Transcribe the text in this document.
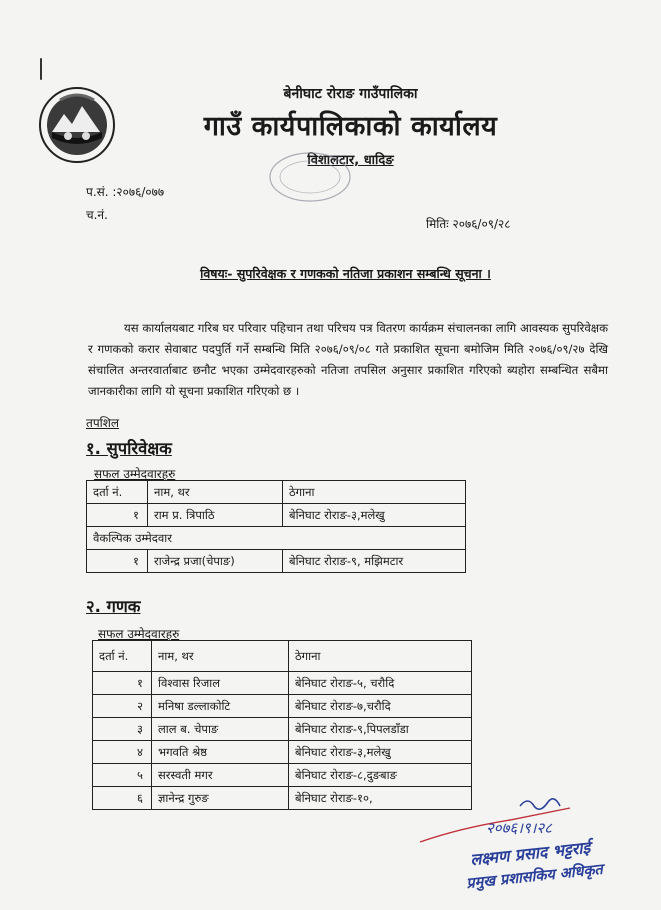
बेनीघाट रोराङ गाउँपालिका
गाउँ कार्यपालिकाको कार्यालय
विशालटार, धादिङ
प.सं. :२०७६/०७७
च.नं.
मितिः २०७६/०९/२८
विषयः- सुपरिवेक्षक र गणकको नतिजा प्रकाशन सम्बन्धि सूचना ।
यस कार्यालयबाट गरिब घर परिवार पहिचान तथा परिचय पत्र वितरण कार्यक्रम संचालनका लागि आवस्यक सुपरिवेक्षक र गणकको करार सेवाबाट पदपुर्ति गर्ने सम्बन्धि मिति २०७६/०९/०८ गते प्रकाशित सूचना बमोजिम मिति २०७६/०९/२७ देखि संचालित अन्तरवार्ताबाट छनौट भएका उम्मेदवारहरुको नतिजा तपसिल अनुसार प्रकाशित गरिएको ब्यहोरा सम्बन्धित सबैमा जानकारीका लागि यो सूचना प्रकाशित गरिएको छ ।
तपशिल
१. सुपरिवेक्षक
सफल उम्मेदवारहरु
दर्ता नं.	नाम, थर	ठेगाना
१	राम प्र. त्रिपाठि	बेनिघाट रोराङ-३,मलेखु
वैकल्पिक उम्मेदवार		
१	राजेन्द्र प्रजा(चेपाङ)	बेनिघाट रोराङ-९, मझिमटार
२. गणक
सफल उम्मेदवारहरु
दर्ता नं.	नाम, थर	ठेगाना
१	विश्वास रिजाल	बेनिघाट रोराङ-५, चरौदि
२	मनिषा डल्लाकोटि	बेनिघाट रोराङ-७,चरौदि
३	लाल ब. चेपाङ	बेनिघाट रोराङ-९,पिपलडाँडा
४	भगवति श्रेष्ठ	बेनिघाट रोराङ-३,मलेखु
५	सरस्वती मगर	बेनिघाट रोराङ-८,दुङबाङ
६	ज्ञानेन्द्र गुरुङ	बेनिघाट रोराङ-१०,
२०७६।९।२८
लक्ष्मण प्रसाद भट्टराई
प्रमुख प्रशासकिय अधिकृत
